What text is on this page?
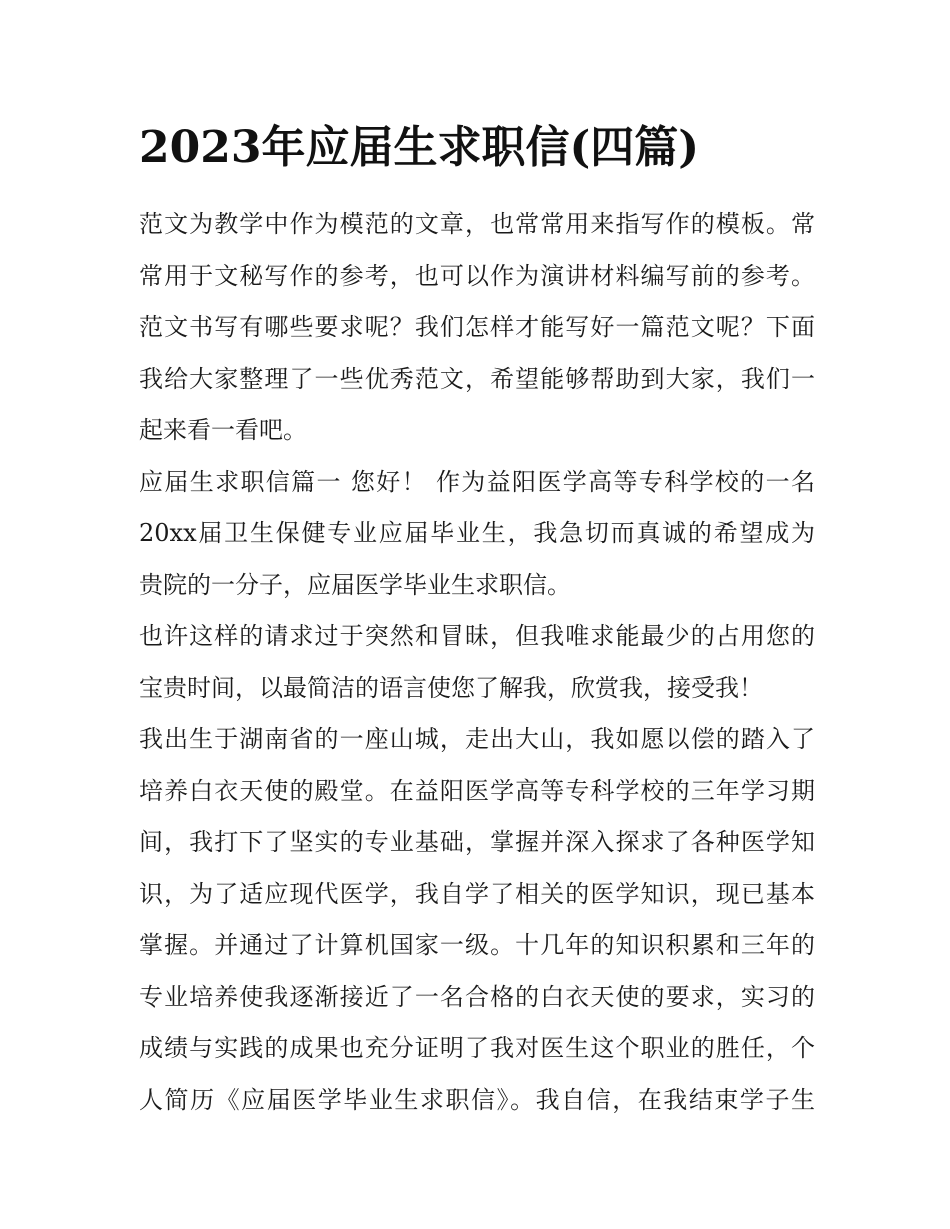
2023年应届生求职信(四篇)
范文为教学中作为模范的文章，也常常用来指写作的模板。常
常用于文秘写作的参考，也可以作为演讲材料编写前的参考。
范文书写有哪些要求呢？我们怎样才能写好一篇范文呢？下面
我给大家整理了一些优秀范文，希望能够帮助到大家，我们一
起来看一看吧。
应届生求职信篇一 您好！ 作为益阳医学高等专科学校的一名
20xx届卫生保健专业应届毕业生，我急切而真诚的希望成为
贵院的一分子，应届医学毕业生求职信。
也许这样的请求过于突然和冒昧，但我唯求能最少的占用您的
宝贵时间，以最简洁的语言使您了解我，欣赏我，接受我！
我出生于湖南省的一座山城，走出大山，我如愿以偿的踏入了
培养白衣天使的殿堂。在益阳医学高等专科学校的三年学习期
间，我打下了坚实的专业基础，掌握并深入探求了各种医学知
识，为了适应现代医学，我自学了相关的医学知识，现已基本
掌握。并通过了计算机国家一级。十几年的知识积累和三年的
专业培养使我逐渐接近了一名合格的白衣天使的要求，实习的
成绩与实践的成果也充分证明了我对医生这个职业的胜任，个
人简历《应届医学毕业生求职信》。我自信，在我结束学子生
